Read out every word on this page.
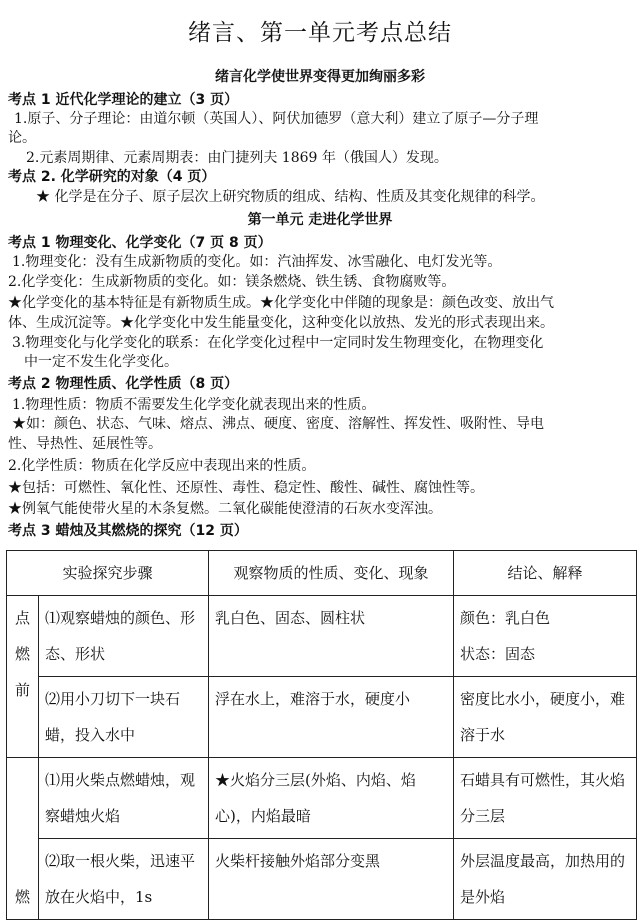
绪言、第一单元考点总结
绪言化学使世界变得更加绚丽多彩
考点 1 近代化学理论的建立（3 页）
1.原子、分子理论：由道尔顿（英国人）、阿伏加德罗（意大利）建立了原子—分子理
论。
2.元素周期律、元素周期表：由门捷列夫 1869 年（俄国人）发现。
考点 2. 化学研究的对象（4 页）
★ 化学是在分子、原子层次上研究物质的组成、结构、性质及其变化规律的科学。
第一单元 走进化学世界
考点 1 物理变化、化学变化（7 页 8 页）
1.物理变化：没有生成新物质的变化。如：汽油挥发、冰雪融化、电灯发光等。
2.化学变化：生成新物质的变化。如：镁条燃烧、铁生锈、食物腐败等。
★化学变化的基本特征是有新物质生成。★化学变化中伴随的现象是：颜色改变、放出气
体、生成沉淀等。★化学变化中发生能量变化，这种变化以放热、发光的形式表现出来。
3.物理变化与化学变化的联系：在化学变化过程中一定同时发生物理变化，在物理变化
中一定不发生化学变化。
考点 2 物理性质、化学性质（8 页）
1.物理性质：物质不需要发生化学变化就表现出来的性质。
★如：颜色、状态、气味、熔点、沸点、硬度、密度、溶解性、挥发性、吸附性、导电
性、导热性、延展性等。
2.化学性质：物质在化学反应中表现出来的性质。
★包括：可燃性、氧化性、还原性、毒性、稳定性、酸性、碱性、腐蚀性等。
★例氧气能使带火星的木条复燃。二氧化碳能使澄清的石灰水变浑浊。
考点 3 蜡烛及其燃烧的探究（12 页）
实验探究步骤		观察物质的性质、变化、现象	结论、解释

点
燃
前	⑴观察蜡烛的颜色、形态、形状	乳白色、固态、圆柱状	颜色：乳白色
状态：固态
	⑵用小刀切下一块石蜡，投入水中	浮在水上，难溶于水，硬度小	密度比水小，硬度小，难溶于水

燃	⑴用火柴点燃蜡烛，观察蜡烛火焰	★火焰分三层(外焰、内焰、焰心)，内焰最暗	石蜡具有可燃性，其火焰分三层
	⑵取一根火柴，迅速平放在火焰中，1s	火柴杆接触外焰部分变黑	外层温度最高，加热用的是外焰
